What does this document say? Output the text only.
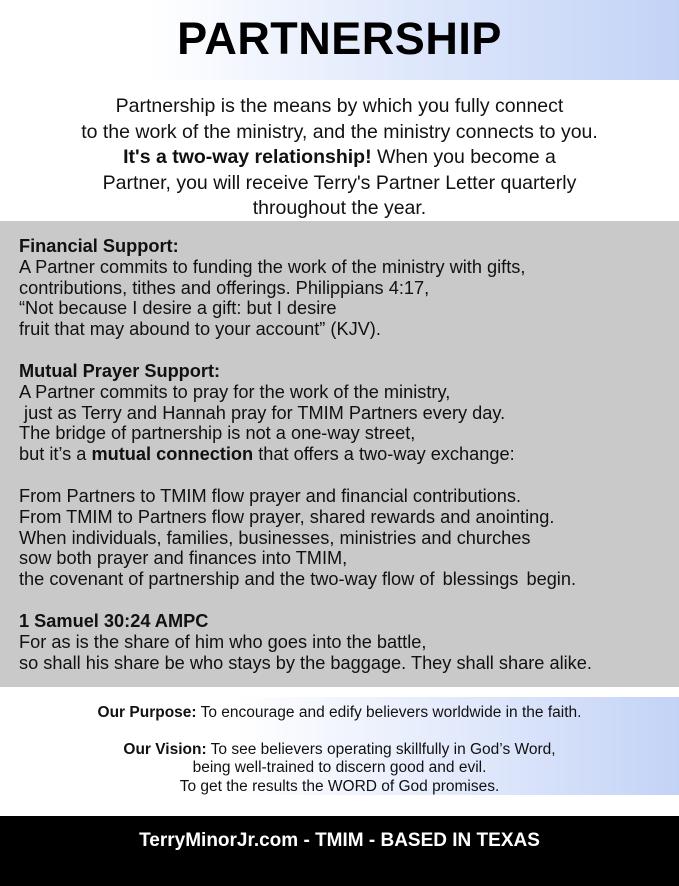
PARTNERSHIP
Partnership is the means by which you fully connect
to the work of the ministry, and the ministry connects to you.
It's a two-way relationship! When you become a
Partner, you will receive Terry's Partner Letter quarterly
throughout the year.
Financial Support:
A Partner commits to funding the work of the ministry with gifts,
contributions, tithes and offerings. Philippians 4:17,
“Not because I desire a gift: but I desire
fruit that may abound to your account” (KJV).
Mutual Prayer Support:
A Partner commits to pray for the work of the ministry,
just as Terry and Hannah pray for TMIM Partners every day.
The bridge of partnership is not a one-way street,
but it’s a mutual connection that offers a two-way exchange:
From Partners to TMIM flow prayer and financial contributions.
From TMIM to Partners flow prayer, shared rewards and anointing.
When individuals, families, businesses, ministries and churches
sow both prayer and finances into TMIM,
the covenant of partnership and the two-way flow of blessings begin.
1 Samuel 30:24 AMPC
For as is the share of him who goes into the battle,
so shall his share be who stays by the baggage. They shall share alike.
Our Purpose: To encourage and edify believers worldwide in the faith.
Our Vision: To see believers operating skillfully in God’s Word,
being well-trained to discern good and evil.
To get the results the WORD of God promises.
TerryMinorJr.com - TMIM - BASED IN TEXAS
